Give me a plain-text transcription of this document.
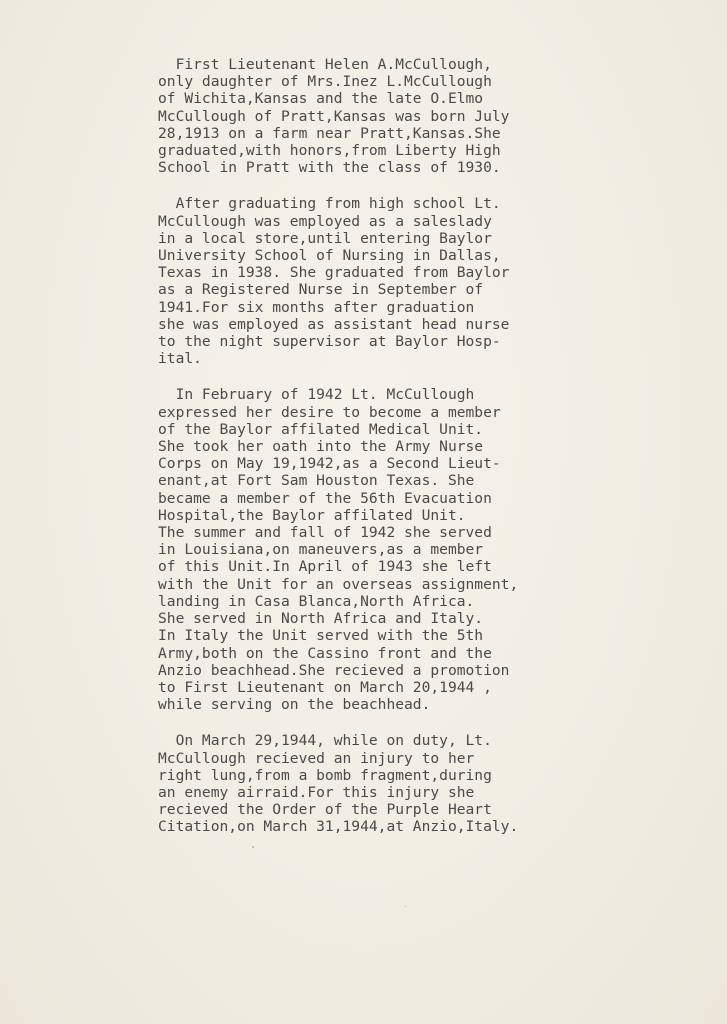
First Lieutenant Helen A.McCullough,
only daughter of Mrs.Inez L.McCullough
of Wichita,Kansas and the late O.Elmo
McCullough of Pratt,Kansas was born July
28,1913 on a farm near Pratt,Kansas.She
graduated,with honors,from Liberty High
School in Pratt with the class of 1930.
After graduating from high school Lt.
McCullough was employed as a saleslady
in a local store,until entering Baylor
University School of Nursing in Dallas,
Texas in 1938. She graduated from Baylor
as a Registered Nurse in September of
1941.For six months after graduation
she was employed as assistant head nurse
to the night supervisor at Baylor Hosp-
ital.
In February of 1942 Lt. McCullough
expressed her desire to become a member
of the Baylor affilated Medical Unit.
She took her oath into the Army Nurse
Corps on May 19,1942,as a Second Lieut-
enant,at Fort Sam Houston Texas. She
became a member of the 56th Evacuation
Hospital,the Baylor affilated Unit.
The summer and fall of 1942 she served
in Louisiana,on maneuvers,as a member
of this Unit.In April of 1943 she left
with the Unit for an overseas assignment,
landing in Casa Blanca,North Africa.
She served in North Africa and Italy.
In Italy the Unit served with the 5th
Army,both on the Cassino front and the
Anzio beachhead.She recieved a promotion
to First Lieutenant on March 20,1944 ,
while serving on the beachhead.
On March 29,1944, while on duty, Lt.
McCullough recieved an injury to her
right lung,from a bomb fragment,during
an enemy airraid.For this injury she
recieved the Order of the Purple Heart
Citation,on March 31,1944,at Anzio,Italy.
